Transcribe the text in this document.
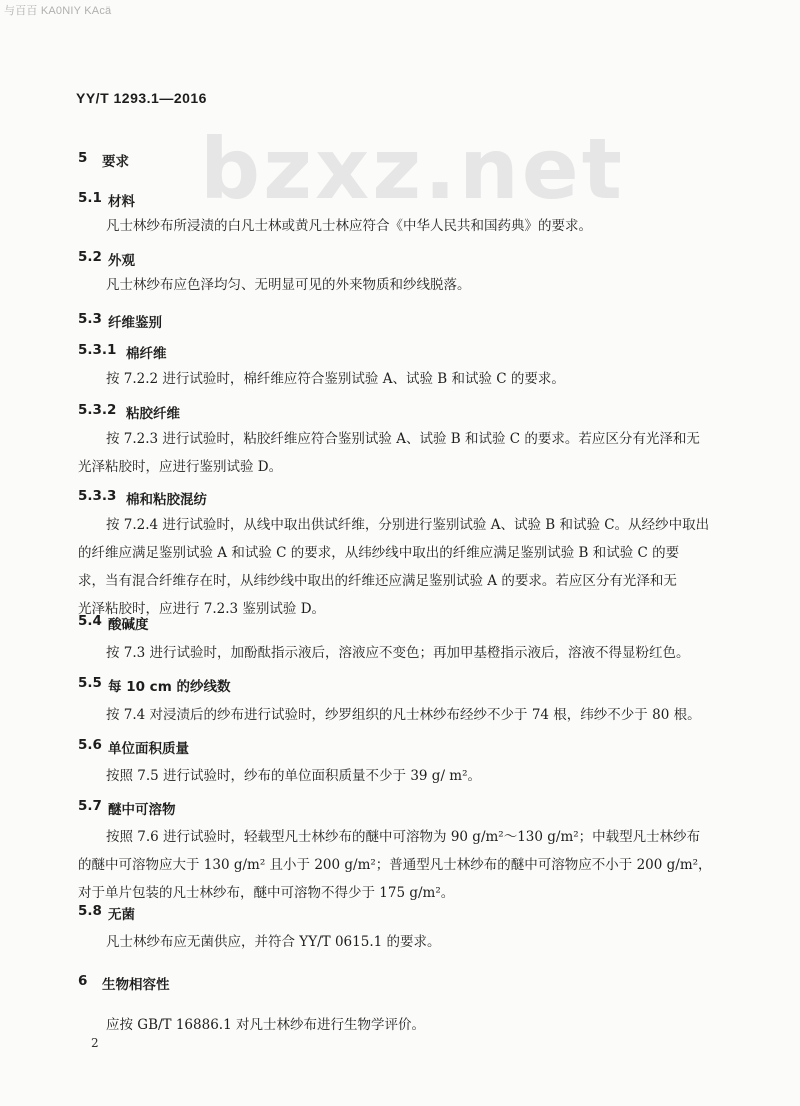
与百百 KA0NIY KAcä
YY/T 1293.1—2016
bzxz.net
5 要求
5.1 材料
凡士林纱布所浸渍的白凡士林或黄凡士林应符合《中华人民共和国药典》的要求。
5.2 外观
凡士林纱布应色泽均匀、无明显可见的外来物质和纱线脱落。
5.3 纤维鉴别
5.3.1 棉纤维
按 7.2.2 进行试验时，棉纤维应符合鉴别试验 A、试验 B 和试验 C 的要求。
5.3.2 粘胶纤维
按 7.2.3 进行试验时，粘胶纤维应符合鉴别试验 A、试验 B 和试验 C 的要求。若应区分有光泽和无
光泽粘胶时，应进行鉴别试验 D。
5.3.3 棉和粘胶混纺
按 7.2.4 进行试验时，从线中取出供试纤维，分别进行鉴别试验 A、试验 B 和试验 C。从经纱中取出
的纤维应满足鉴别试验 A 和试验 C 的要求，从纬纱线中取出的纤维应满足鉴别试验 B 和试验 C 的要
求，当有混合纤维存在时，从纬纱线中取出的纤维还应满足鉴别试验 A 的要求。若应区分有光泽和无
光泽粘胶时，应进行 7.2.3 鉴别试验 D。
5.4 酸碱度
按 7.3 进行试验时，加酚酞指示液后，溶液应不变色；再加甲基橙指示液后，溶液不得显粉红色。
5.5 每 10 cm 的纱线数
按 7.4 对浸渍后的纱布进行试验时，纱罗组织的凡士林纱布经纱不少于 74 根，纬纱不少于 80 根。
5.6 单位面积质量
按照 7.5 进行试验时，纱布的单位面积质量不少于 39 g/ m²。
5.7 醚中可溶物
按照 7.6 进行试验时，轻载型凡士林纱布的醚中可溶物为 90 g/m²～130 g/m²；中载型凡士林纱布
的醚中可溶物应大于 130 g/m² 且小于 200 g/m²；普通型凡士林纱布的醚中可溶物应不小于 200 g/m²，
对于单片包装的凡士林纱布，醚中可溶物不得少于 175 g/m²。
5.8 无菌
凡士林纱布应无菌供应，并符合 YY/T 0615.1 的要求。
6 生物相容性
应按 GB/T 16886.1 对凡士林纱布进行生物学评价。
2
